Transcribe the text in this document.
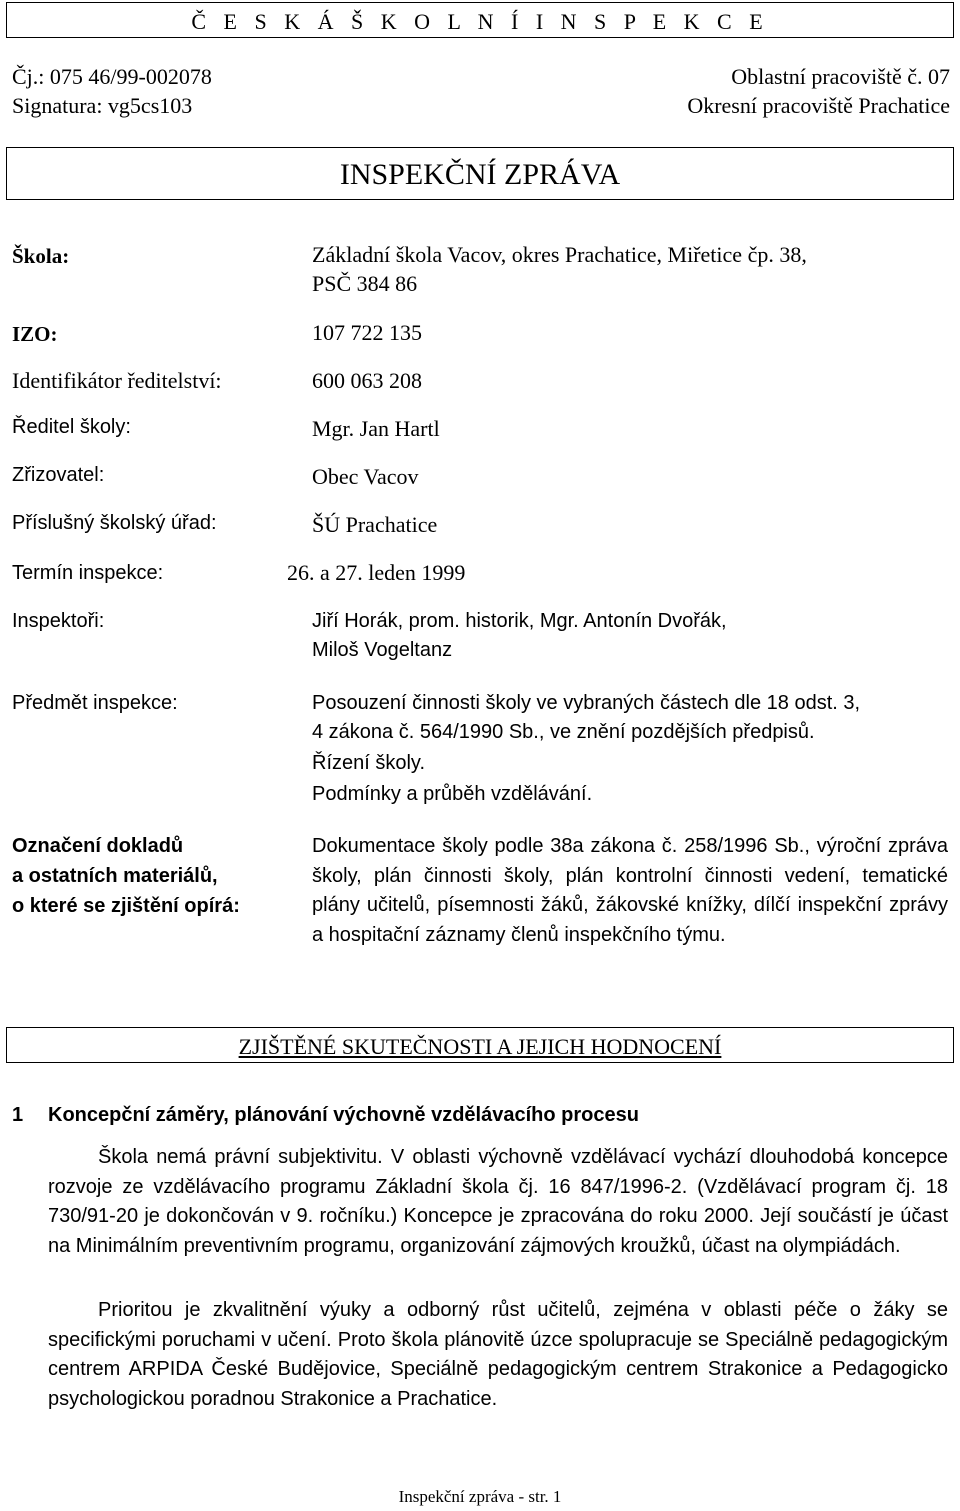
Č E S K Á Š K O L N Í I N S P E K C E
Čj.: 075 46/99-002078
Signatura: vg5cs103
Oblastní pracoviště č. 07
Okresní pracoviště Prachatice
INSPEKČNÍ ZPRÁVA
Škola:	Základní škola Vacov, okres Prachatice, Miřetice čp. 38,
PSČ 384 86
IZO:	107 722 135
Identifikátor ředitelství:	600 063 208
Ředitel školy:	Mgr. Jan Hartl
Zřizovatel:	Obec Vacov
Příslušný školský úřad:	ŠÚ Prachatice
Termín inspekce:	26. a 27. leden 1999
Inspektoři:	Jiří Horák, prom. historik, Mgr. Antonín Dvořák,
Miloš Vogeltanz
Předmět inspekce:	Posouzení činnosti školy ve vybraných částech dle 18 odst. 3,
4 zákona č. 564/1990 Sb., ve znění pozdějších předpisů.
Řízení školy.
Podmínky a průběh vzdělávání.
Označení dokladů
a ostatních materiálů,
o které se zjištění opírá:
Dokumentace školy podle 38a zákona č. 258/1996 Sb., výroční zpráva školy, plán činnosti školy, plán kontrolní činnosti vedení, tematické plány učitelů, písemnosti žáků, žákovské knížky, dílčí inspekční zprávy a hospitační záznamy členů inspekčního týmu.
ZJIŠTĚNÉ SKUTEČNOSTI A JEJICH HODNOCENÍ
1 Koncepční záměry, plánování výchovně vzdělávacího procesu
Škola nemá právní subjektivitu. V oblasti výchovně vzdělávací vychází dlouhodobá koncepce rozvoje ze vzdělávacího programu Základní škola čj. 16 847/1996-2. (Vzdělávací program čj. 18 730/91-20 je dokončován v 9. ročníku.) Koncepce je zpracována do roku 2000. Její součástí je účast na Minimálním preventivním programu, organizování zájmových kroužků, účast na olympiádách.
Prioritou je zkvalitnění výuky a odborný růst učitelů, zejména v oblasti péče o žáky se specifickými poruchami v učení. Proto škola plánovitě úzce spolupracuje se Speciálně pedagogickým centrem ARPIDA České Budějovice, Speciálně pedagogickým centrem Strakonice a Pedagogicko psychologickou poradnou Strakonice a Prachatice.
Inspekční zpráva - str. 1
